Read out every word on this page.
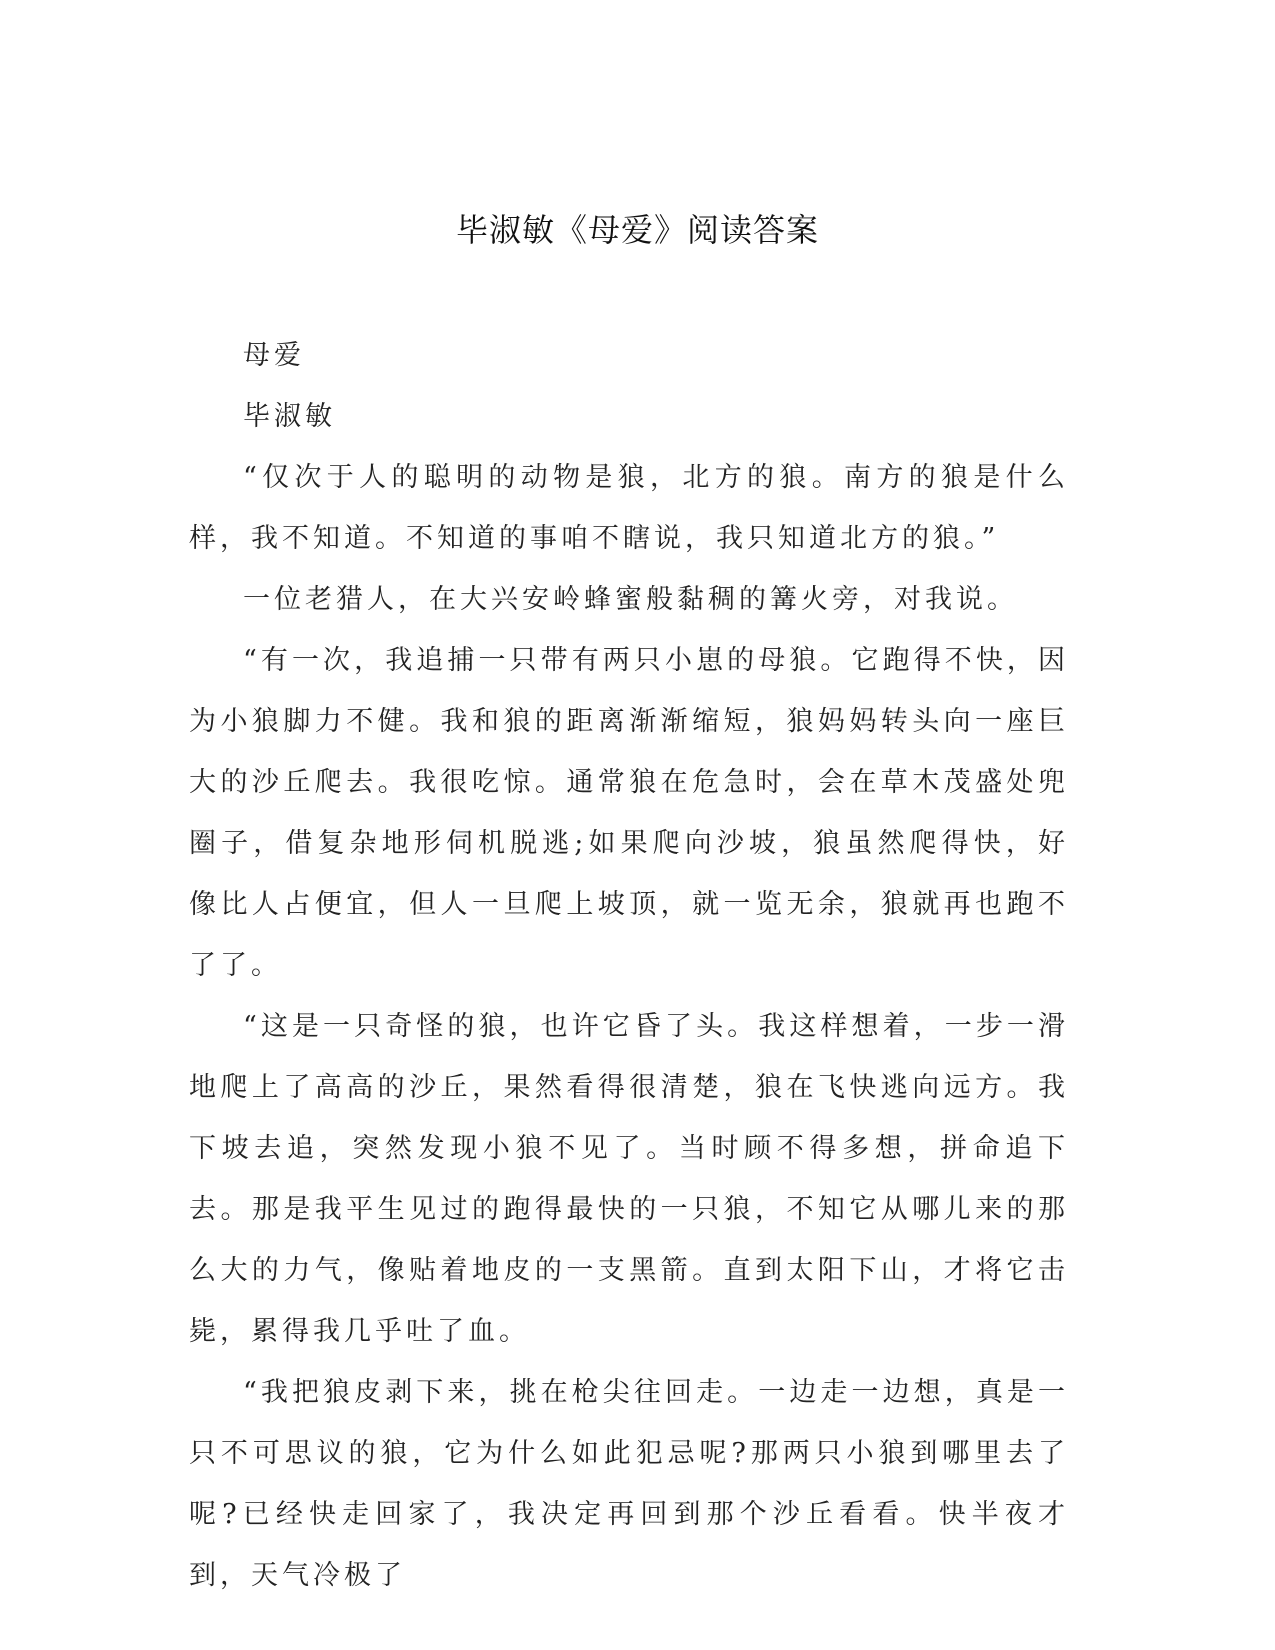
毕淑敏《母爱》阅读答案

母爱

毕淑敏

“仅次于人的聪明的动物是狼，北方的狼。南方的狼是什么样，我不知道。不知道的事咱不瞎说，我只知道北方的狼。”

一位老猎人，在大兴安岭蜂蜜般黏稠的篝火旁，对我说。

“有一次，我追捕一只带有两只小崽的母狼。它跑得不快，因为小狼脚力不健。我和狼的距离渐渐缩短，狼妈妈转头向一座巨大的沙丘爬去。我很吃惊。通常狼在危急时，会在草木茂盛处兜圈子，借复杂地形伺机脱逃;如果爬向沙坡，狼虽然爬得快，好像比人占便宜，但人一旦爬上坡顶，就一览无余，狼就再也跑不了了。

“这是一只奇怪的狼，也许它昏了头。我这样想着，一步一滑地爬上了高高的沙丘，果然看得很清楚，狼在飞快逃向远方。我下坡去追，突然发现小狼不见了。当时顾不得多想，拼命追下去。那是我平生见过的跑得最快的一只狼，不知它从哪儿来的那么大的力气，像贴着地皮的一支黑箭。直到太阳下山，才将它击毙，累得我几乎吐了血。

“我把狼皮剥下来，挑在枪尖往回走。一边走一边想，真是一只不可思议的狼，它为什么如此犯忌呢?那两只小狼到哪里去了呢?已经快走回家了，我决定再回到那个沙丘看看。快半夜才到，天气冷极了
